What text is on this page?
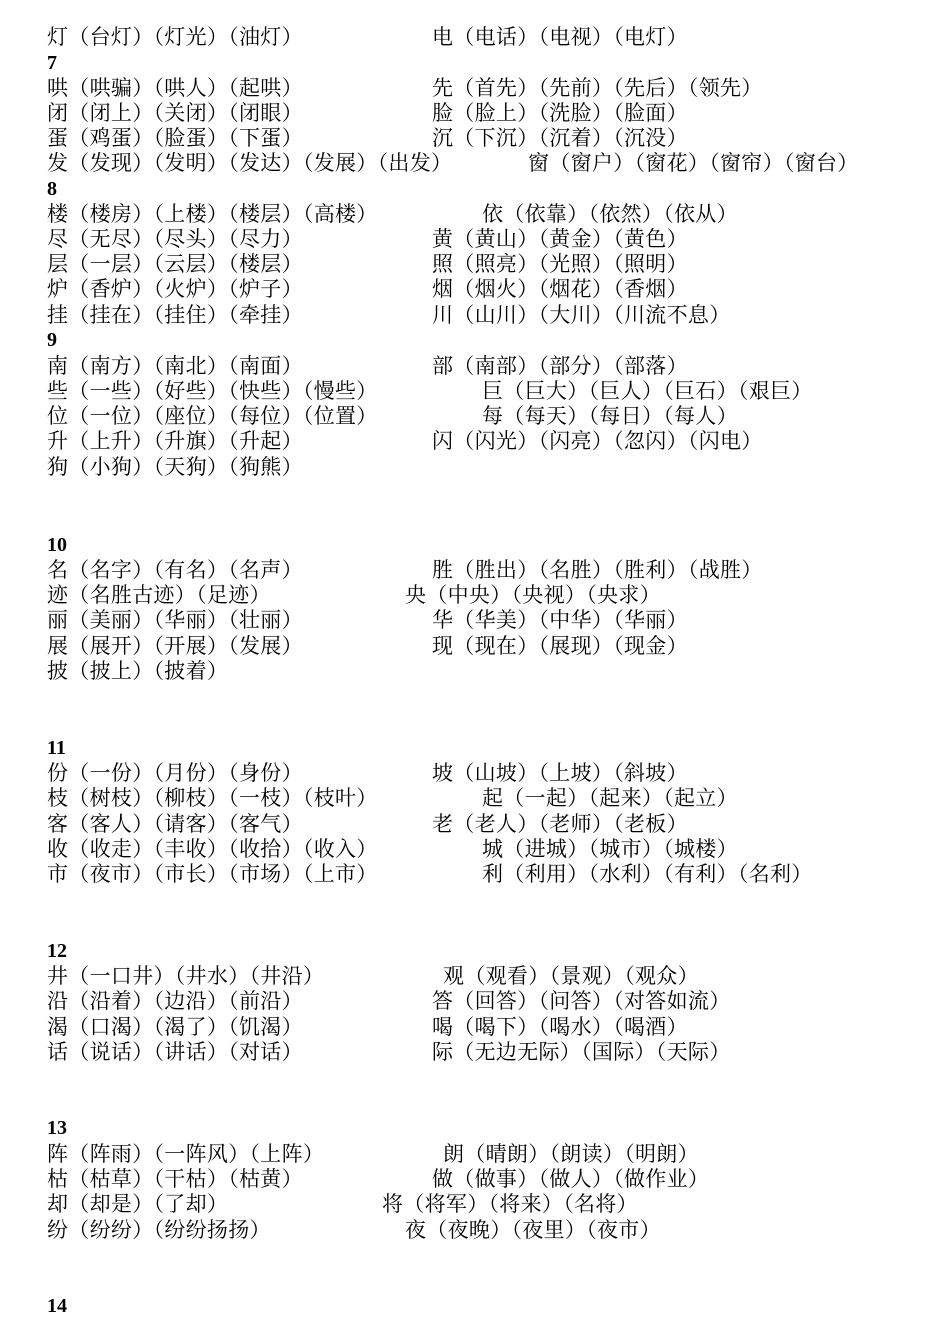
灯（台灯）（灯光）（油灯）	电（电话）（电视）（电灯）
7
哄（哄骗）（哄人）（起哄）	先（首先）（先前）（先后）（领先）
闭（闭上）（关闭）（闭眼）	脸（脸上）（洗脸）（脸面）
蛋（鸡蛋）（脸蛋）（下蛋）	沉（下沉）（沉着）（沉没）
发（发现）（发明）（发达）（发展）（出发）	窗（窗户）（窗花）（窗帘）（窗台）
8
楼（楼房）（上楼）（楼层）（高楼）	依（依靠）（依然）（依从）
尽（无尽）（尽头）（尽力）	黄（黄山）（黄金）（黄色）
层（一层）（云层）（楼层）	照（照亮）（光照）（照明）
炉（香炉）（火炉）（炉子）	烟（烟火）（烟花）（香烟）
挂（挂在）（挂住）（牵挂）	川（山川）（大川）（川流不息）
9
南（南方）（南北）（南面）	部（南部）（部分）（部落）
些（一些）（好些）（快些）（慢些）	巨（巨大）（巨人）（巨石）（艰巨）
位（一位）（座位）（每位）（位置）	每（每天）（每日）（每人）
升（上升）（升旗）（升起）	闪（闪光）（闪亮）（忽闪）（闪电）
狗（小狗）（天狗）（狗熊）
10
名（名字）（有名）（名声）	胜（胜出）（名胜）（胜利）（战胜）
迹（名胜古迹）（足迹）	央（中央）（央视）（央求）
丽（美丽）（华丽）（壮丽）	华（华美）（中华）（华丽）
展（展开）（开展）（发展）	现（现在）（展现）（现金）
披（披上）（披着）
11
份（一份）（月份）（身份）	坡（山坡）（上坡）（斜坡）
枝（树枝）（柳枝）（一枝）（枝叶）	起（一起）（起来）（起立）
客（客人）（请客）（客气）	老（老人）（老师）（老板）
收（收走）（丰收）（收拾）（收入）	城（进城）（城市）（城楼）
市（夜市）（市长）（市场）（上市）	利（利用）（水利）（有利）（名利）
12
井（一口井）（井水）（井沿）	观（观看）（景观）（观众）
沿（沿着）（边沿）（前沿）	答（回答）（问答）（对答如流）
渴（口渴）（渴了）（饥渴）	喝（喝下）（喝水）（喝酒）
话（说话）（讲话）（对话）	际（无边无际）（国际）（天际）
13
阵（阵雨）（一阵风）（上阵）	朗（晴朗）（朗读）（明朗）
枯（枯草）（干枯）（枯黄）	做（做事）（做人）（做作业）
却（却是）（了却）	将（将军）（将来）（名将）
纷（纷纷）（纷纷扬扬）	夜（夜晚）（夜里）（夜市）
14
